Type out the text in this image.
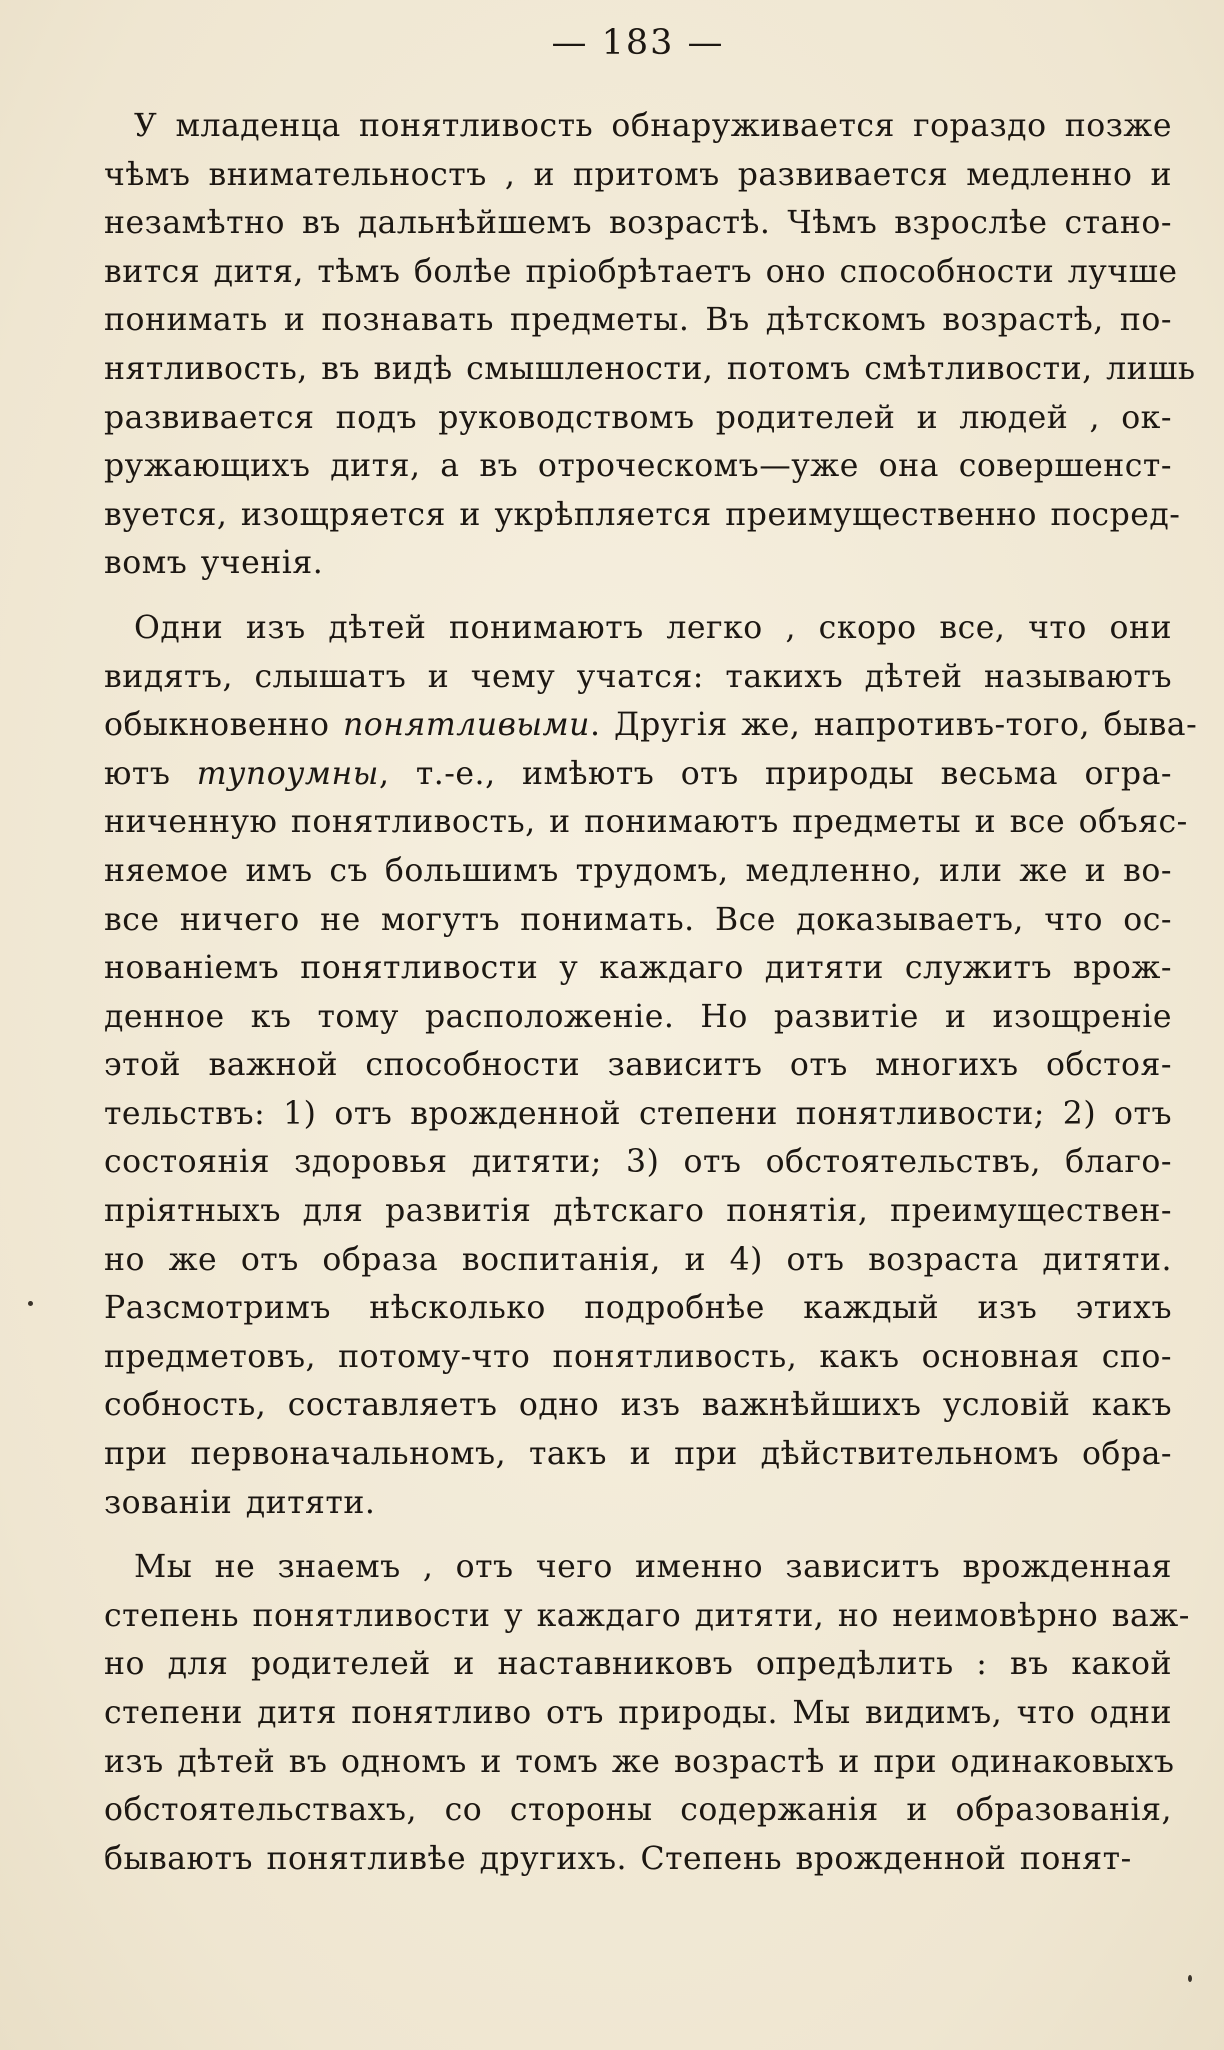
— 183 —
У младенца понятливость обнаруживается гораздо позже
чѣмъ внимательностъ , и притомъ развивается медленно и
незамѣтно въ дальнѣйшемъ возрастѣ. Чѣмъ взрослѣе стано-
вится дитя, тѣмъ болѣе пріобрѣтаетъ оно способности лучше
понимать и познавать предметы. Въ дѣтскомъ возрастѣ, по-
нятливость, въ видѣ смышлености, потомъ смѣтливости, лишь
развивается подъ руководствомъ родителей и людей , ок-
ружающихъ дитя, а въ отроческомъ—уже она совершенст-
вуется, изощряется и укрѣпляется преимущественно посред-
вомъ ученія.
Одни изъ дѣтей понимаютъ легко , скоро все, что они
видятъ, слышатъ и чему учатся: такихъ дѣтей называютъ
обыкновенно понятливыми. Другія же, напротивъ-того, быва-
ютъ тупоумны, т.-е., имѣютъ отъ природы весьма огра-
ниченную понятливость, и понимаютъ предметы и все объяс-
няемое имъ съ большимъ трудомъ, медленно, или же и во-
все ничего не могутъ понимать. Все доказываетъ, что ос-
нованіемъ понятливости у каждаго дитяти служитъ врож-
денное къ тому расположеніе. Но развитіе и изощреніе
этой важной способности зависитъ отъ многихъ обстоя-
тельствъ: 1) отъ врожденной степени понятливости; 2) отъ
состоянія здоровья дитяти; 3) отъ обстоятельствъ, благо-
пріятныхъ для развитія дѣтскаго понятія, преимуществен-
но же отъ образа воспитанія, и 4) отъ возраста дитяти.
Разсмотримъ нѣсколько подробнѣе каждый изъ этихъ
предметовъ, потому-что понятливость, какъ основная спо-
собность, составляетъ одно изъ важнѣйшихъ условій какъ
при первоначальномъ, такъ и при дѣйствительномъ обра-
зованіи дитяти.
Мы не знаемъ , отъ чего именно зависитъ врожденная
степень понятливости у каждаго дитяти, но неимовѣрно важ-
но для родителей и наставниковъ опредѣлить : въ какой
степени дитя понятливо отъ природы. Мы видимъ, что одни
изъ дѣтей въ одномъ и томъ же возрастѣ и при одинаковыхъ
обстоятельствахъ, со стороны содержанія и образованія,
бываютъ понятливѣе другихъ. Степень врожденной понят-
